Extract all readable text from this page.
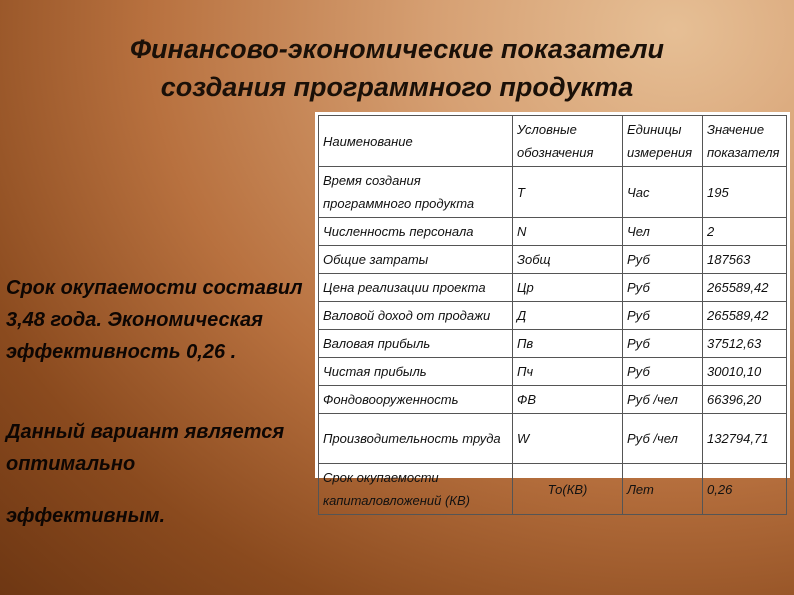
Финансово-экономические показатели
создания программного продукта
Срок окупаемости составил 3,48 года. Экономическая эффективность 0,26 .
Данный вариант является оптимально
эффективным.
Наименование	Условные обозначения	Единицы измерения	Значение показателя
Время создания программного продукта	Т	Час	195
Численность персонала	N	Чел	2
Общие затраты	Зобщ	Руб	187563
Цена реализации проекта	Цр	Руб	265589,42
Валовой доход от продажи	Д	Руб	265589,42
Валовая прибыль	Пв	Руб	37512,63
Чистая прибыль	Пч	Руб	30010,10
Фондовооруженность	ФВ	Руб /чел	66396,20
Производительность труда	W	Руб /чел	132794,71
Срок окупаемости капиталовложений (КВ)	То(КВ)	Лет	0,26
